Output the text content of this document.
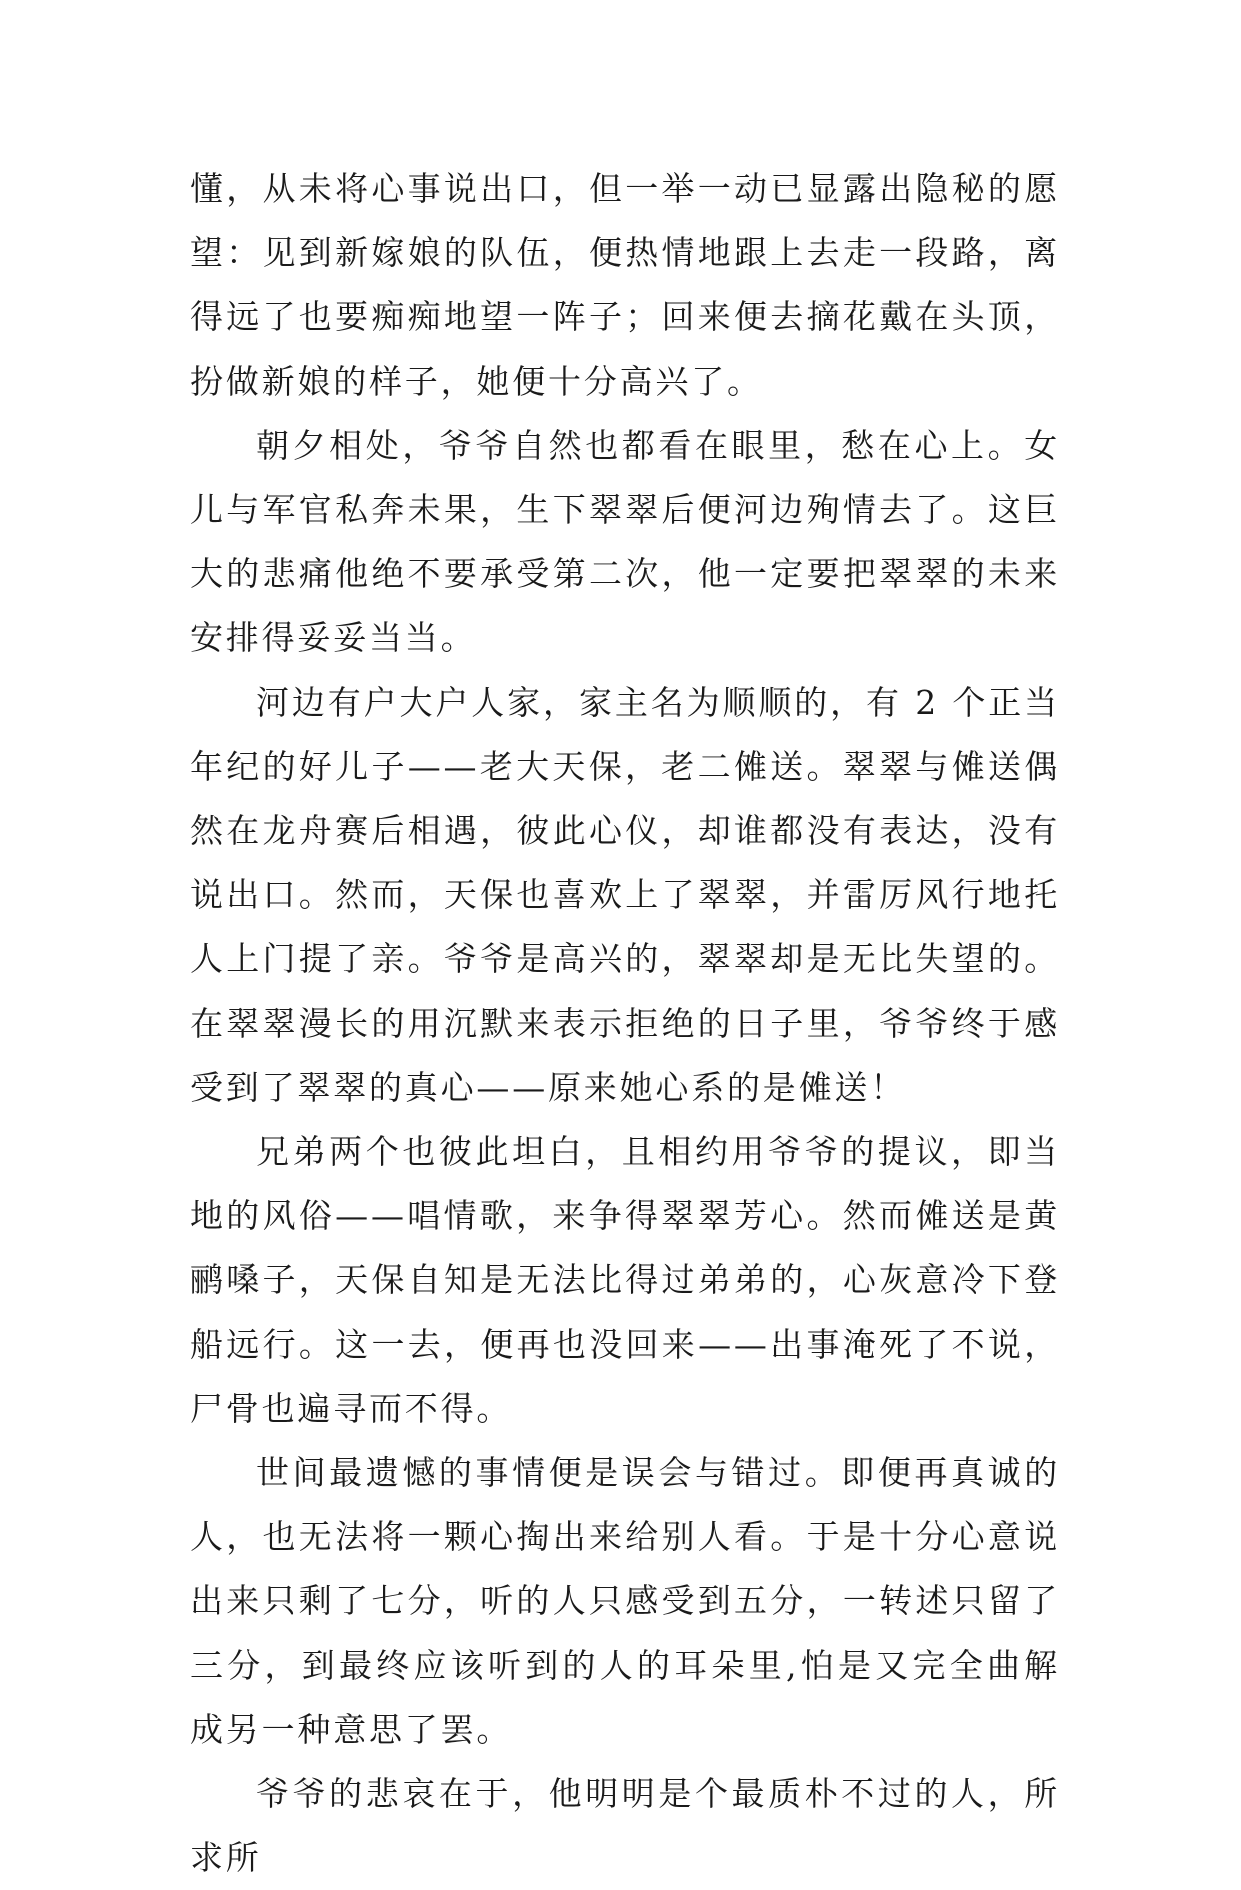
懂，从未将心事说出口，但一举一动已显露出隐秘的愿望：见到新嫁娘的队伍，便热情地跟上去走一段路，离得远了也要痴痴地望一阵子；回来便去摘花戴在头顶，扮做新娘的样子，她便十分高兴了。

朝夕相处，爷爷自然也都看在眼里，愁在心上。女儿与军官私奔未果，生下翠翠后便河边殉情去了。这巨大的悲痛他绝不要承受第二次，他一定要把翠翠的未来安排得妥妥当当。

河边有户大户人家，家主名为顺顺的，有 2 个正当年纪的好儿子——老大天保，老二傩送。翠翠与傩送偶然在龙舟赛后相遇，彼此心仪，却谁都没有表达，没有说出口。然而，天保也喜欢上了翠翠，并雷厉风行地托人上门提了亲。爷爷是高兴的，翠翠却是无比失望的。在翠翠漫长的用沉默来表示拒绝的日子里，爷爷终于感受到了翠翠的真心——原来她心系的是傩送！

兄弟两个也彼此坦白，且相约用爷爷的提议，即当地的风俗——唱情歌，来争得翠翠芳心。然而傩送是黄鹂嗓子，天保自知是无法比得过弟弟的，心灰意冷下登船远行。这一去，便再也没回来——出事淹死了不说，尸骨也遍寻而不得。

世间最遗憾的事情便是误会与错过。即便再真诚的人，也无法将一颗心掏出来给别人看。于是十分心意说出来只剩了七分，听的人只感受到五分，一转述只留了三分，到最终应该听到的人的耳朵里,怕是又完全曲解成另一种意思了罢。

爷爷的悲哀在于，他明明是个最质朴不过的人，所求所
